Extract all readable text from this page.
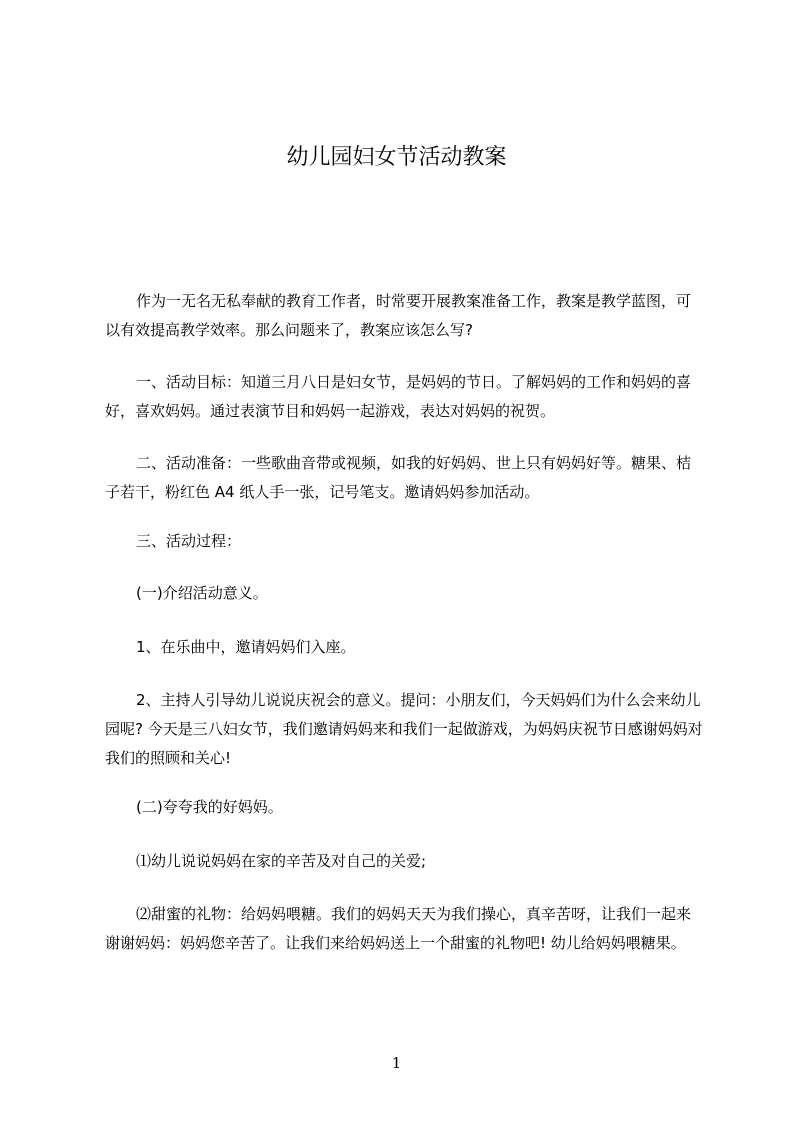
幼儿园妇女节活动教案

作为一无名无私奉献的教育工作者，时常要开展教案准备工作，教案是教学蓝图，可以有效提高教学效率。那么问题来了，教案应该怎么写?

一、活动目标：知道三月八日是妇女节，是妈妈的节日。了解妈妈的工作和妈妈的喜好，喜欢妈妈。通过表演节目和妈妈一起游戏，表达对妈妈的祝贺。

二、活动准备：一些歌曲音带或视频，如我的好妈妈、世上只有妈妈好等。糖果、桔子若干，粉红色 A4 纸人手一张，记号笔支。邀请妈妈参加活动。

三、活动过程：

(一)介绍活动意义。

1、在乐曲中，邀请妈妈们入座。

2、主持人引导幼儿说说庆祝会的意义。提问：小朋友们，今天妈妈们为什么会来幼儿园呢? 今天是三八妇女节，我们邀请妈妈来和我们一起做游戏，为妈妈庆祝节日感谢妈妈对我们的照顾和关心!

(二)夸夸我的好妈妈。

⑴幼儿说说妈妈在家的辛苦及对自己的关爱;

⑵甜蜜的礼物：给妈妈喂糖。我们的妈妈天天为我们操心，真辛苦呀，让我们一起来谢谢妈妈：妈妈您辛苦了。让我们来给妈妈送上一个甜蜜的礼物吧! 幼儿给妈妈喂糖果。

1
